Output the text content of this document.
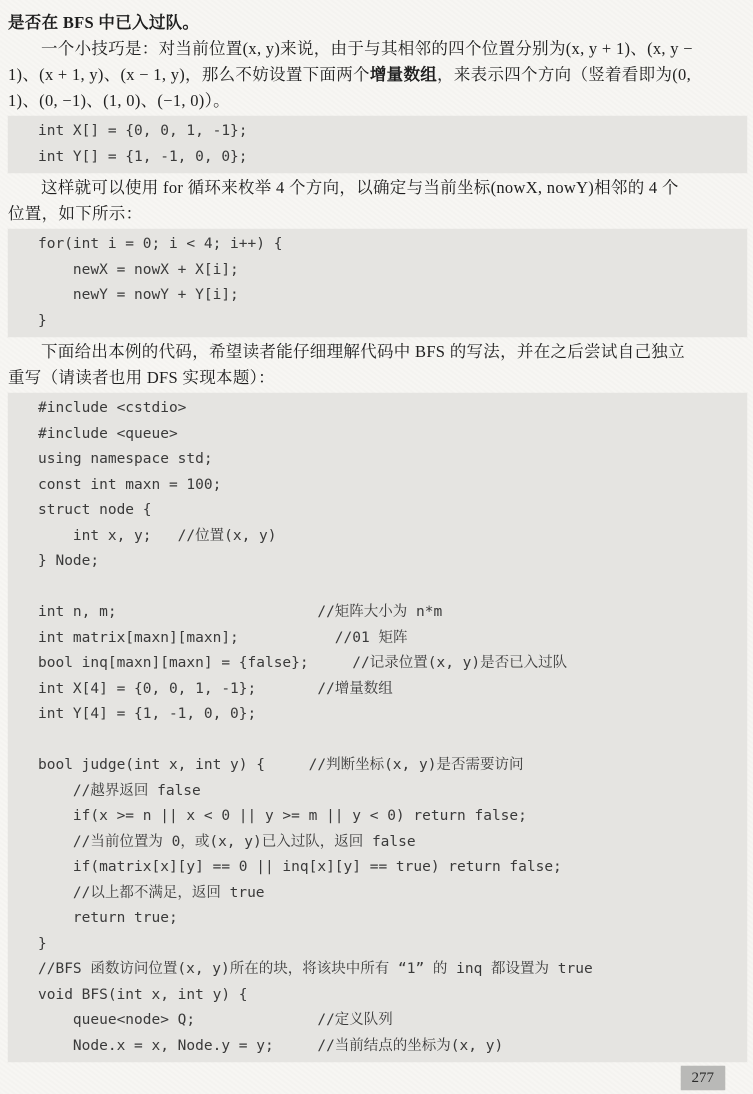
是否在 BFS 中已入过队。
一个小技巧是：对当前位置(x, y)来说，由于与其相邻的四个位置分别为(x, y + 1)、(x, y −
1)、(x + 1, y)、(x − 1, y)，那么不妨设置下面两个增量数组，来表示四个方向（竖着看即为(0,
1)、(0, −1)、(1, 0)、(−1, 0)）。
int X[] = {0, 0, 1, -1};
int Y[] = {1, -1, 0, 0};
这样就可以使用 for 循环来枚举 4 个方向，以确定与当前坐标(nowX, nowY)相邻的 4 个
位置，如下所示：
for(int i = 0; i < 4; i++) {
newX = nowX + X[i];
newY = nowY + Y[i];
}
下面给出本例的代码，希望读者能仔细理解代码中 BFS 的写法，并在之后尝试自己独立
重写（请读者也用 DFS 实现本题）：
#include <cstdio>
#include <queue>
using namespace std;
const int maxn = 100;
struct node {
int x, y;   //位置(x, y)
} Node;

int n, m;                       //矩阵大小为 n*m
int matrix[maxn][maxn];           //01 矩阵
bool inq[maxn][maxn] = {false};     //记录位置(x, y)是否已入过队
int X[4] = {0, 0, 1, -1};       //增量数组
int Y[4] = {1, -1, 0, 0};

bool judge(int x, int y) {     //判断坐标(x, y)是否需要访问
//越界返回 false
if(x >= n || x < 0 || y >= m || y < 0) return false;
//当前位置为 0，或(x, y)已入过队，返回 false
if(matrix[x][y] == 0 || inq[x][y] == true) return false;
//以上都不满足，返回 true
return true;
}
//BFS 函数访问位置(x, y)所在的块，将该块中所有 “1” 的 inq 都设置为 true
void BFS(int x, int y) {
queue<node> Q;              //定义队列
Node.x = x, Node.y = y;     //当前结点的坐标为(x, y)
277
